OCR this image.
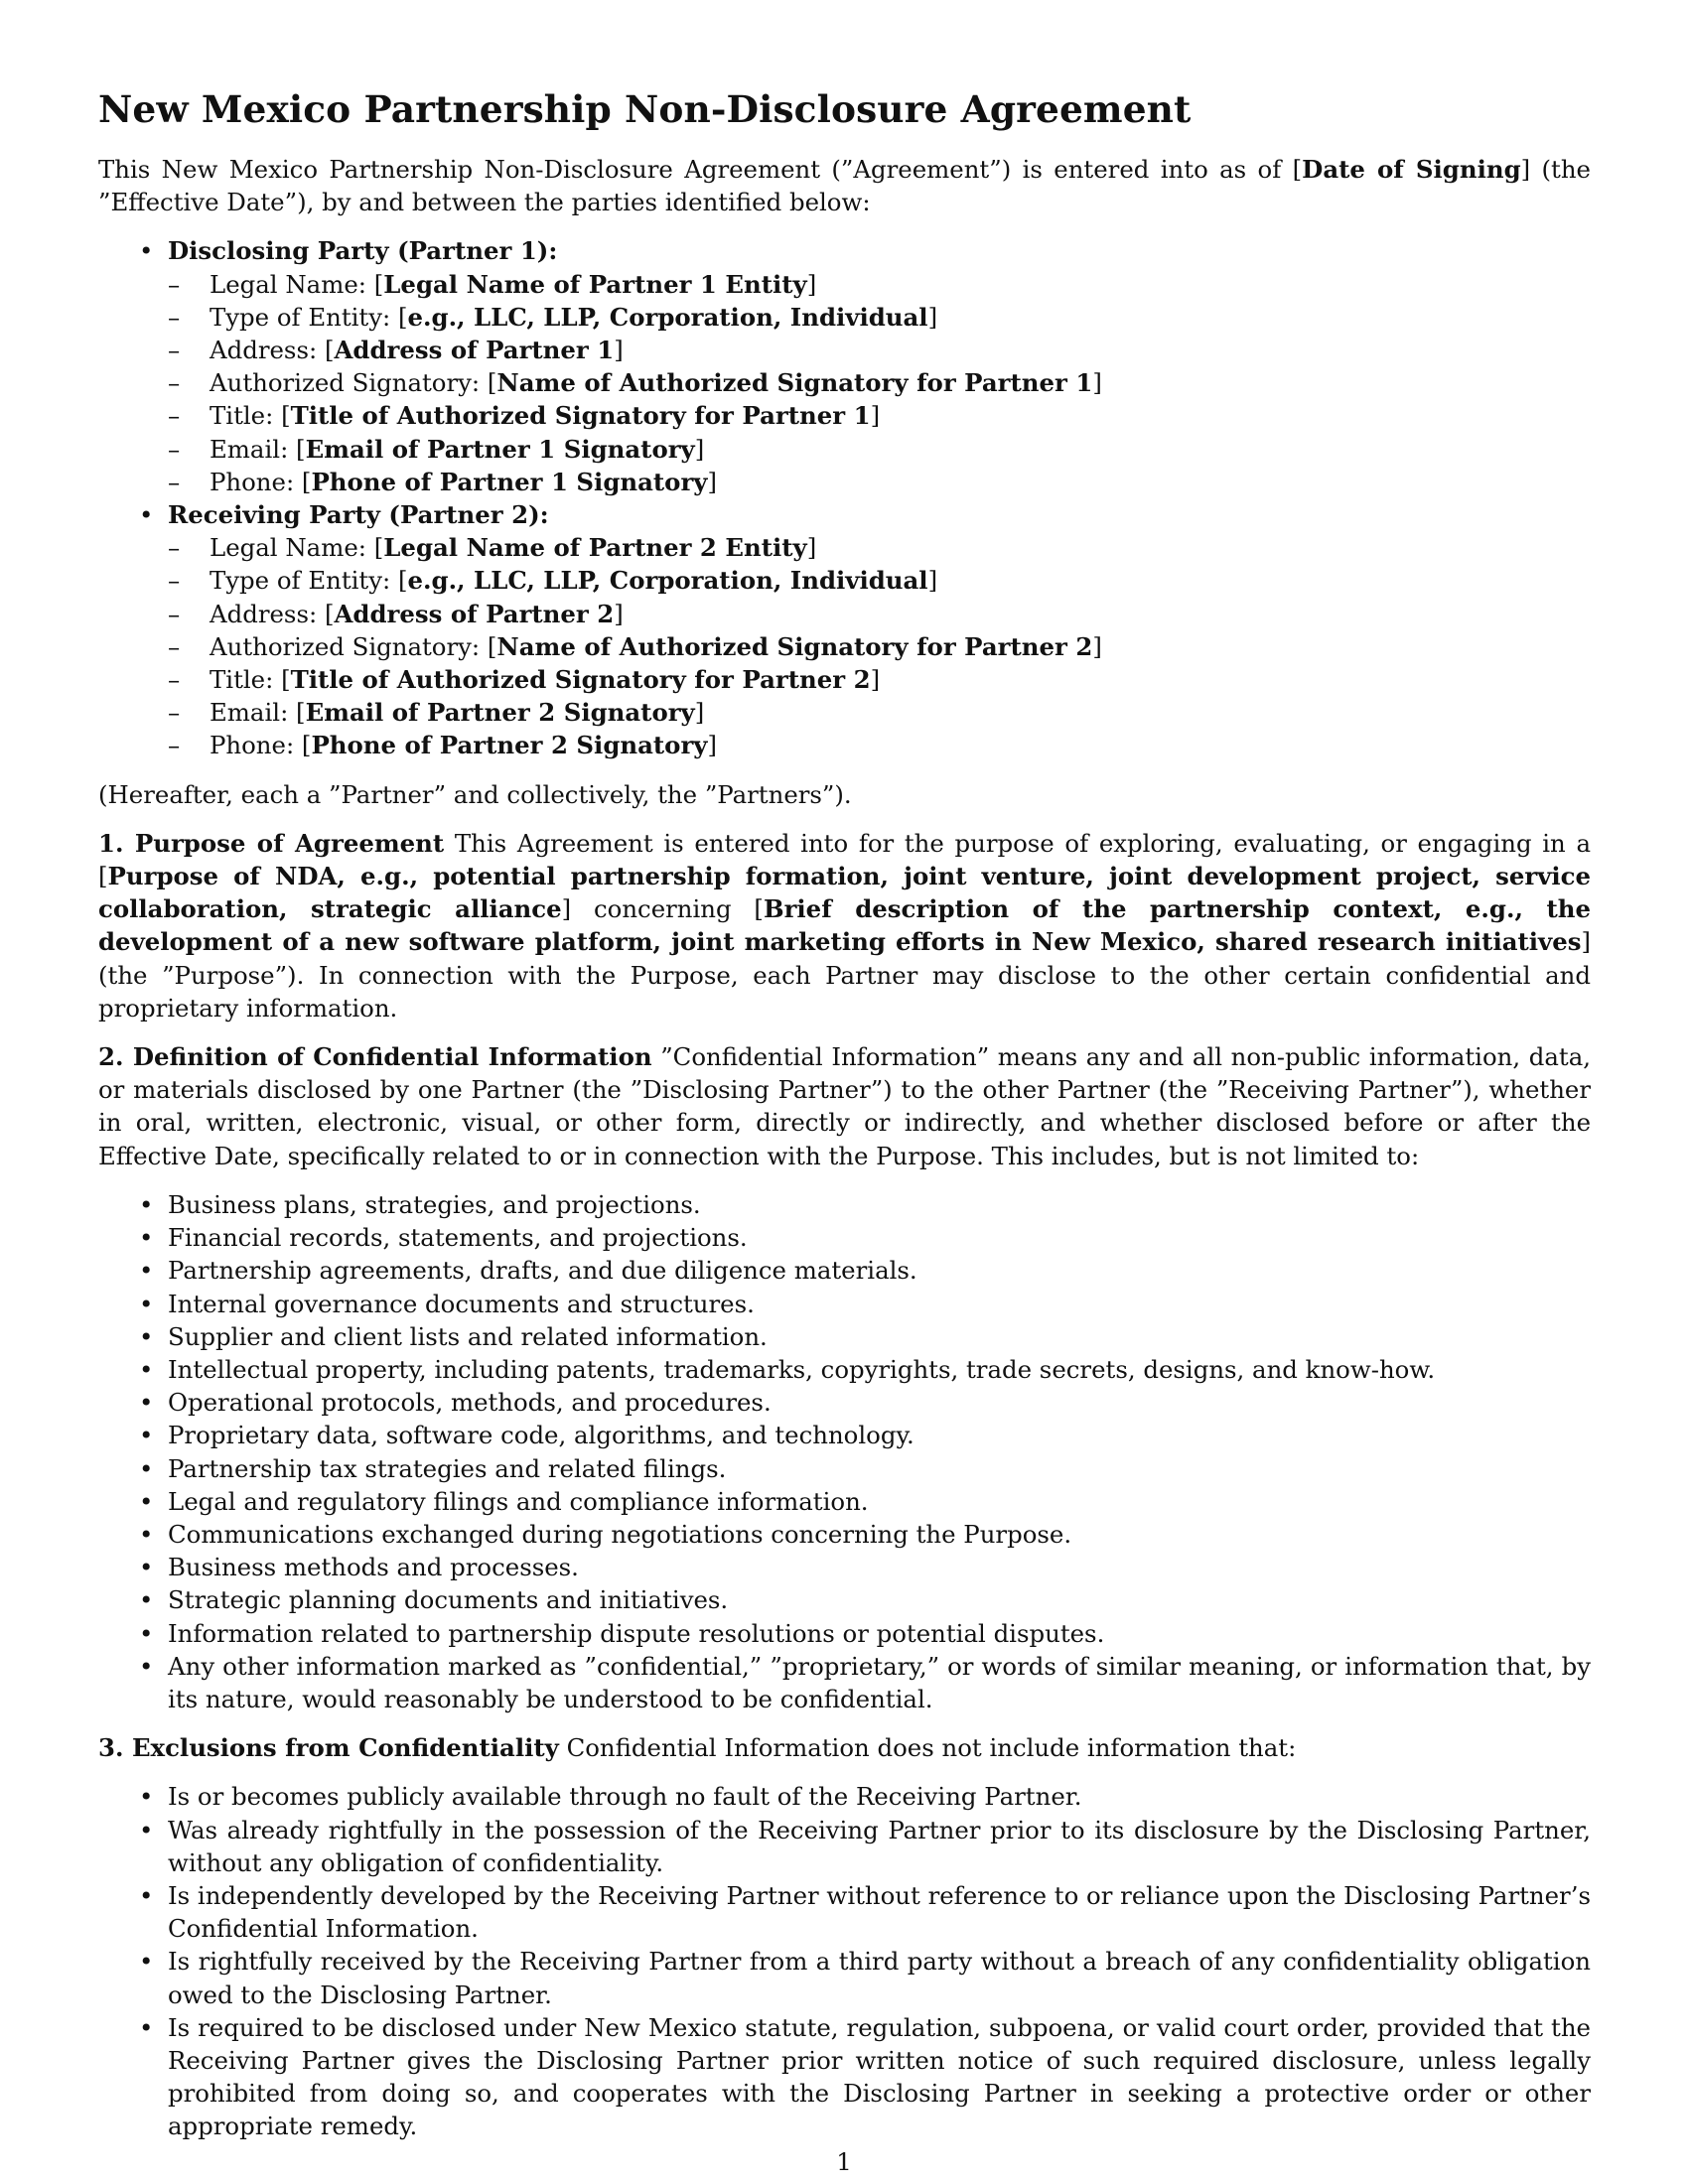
New Mexico Partnership Non-Disclosure Agreement

This New Mexico Partnership Non-Disclosure Agreement (”Agreement”) is entered into as of [Date of Signing] (the ”Effective Date”), by and between the parties identified below:

• Disclosing Party (Partner 1):
– Legal Name: [Legal Name of Partner 1 Entity]
– Type of Entity: [e.g., LLC, LLP, Corporation, Individual]
– Address: [Address of Partner 1]
– Authorized Signatory: [Name of Authorized Signatory for Partner 1]
– Title: [Title of Authorized Signatory for Partner 1]
– Email: [Email of Partner 1 Signatory]
– Phone: [Phone of Partner 1 Signatory]
• Receiving Party (Partner 2):
– Legal Name: [Legal Name of Partner 2 Entity]
– Type of Entity: [e.g., LLC, LLP, Corporation, Individual]
– Address: [Address of Partner 2]
– Authorized Signatory: [Name of Authorized Signatory for Partner 2]
– Title: [Title of Authorized Signatory for Partner 2]
– Email: [Email of Partner 2 Signatory]
– Phone: [Phone of Partner 2 Signatory]

(Hereafter, each a ”Partner” and collectively, the ”Partners”).

1. Purpose of Agreement This Agreement is entered into for the purpose of exploring, evaluating, or engaging in a [Purpose of NDA, e.g., potential partnership formation, joint venture, joint development project, service collaboration, strategic alliance] concerning [Brief description of the partnership context, e.g., the development of a new software platform, joint marketing efforts in New Mexico, shared research initiatives] (the ”Purpose”). In connection with the Purpose, each Partner may disclose to the other certain confidential and proprietary information.

2. Definition of Confidential Information ”Confidential Information” means any and all non-public information, data, or materials disclosed by one Partner (the ”Disclosing Partner”) to the other Partner (the ”Receiving Partner”), whether in oral, written, electronic, visual, or other form, directly or indirectly, and whether disclosed before or after the Effective Date, specifically related to or in connection with the Purpose. This includes, but is not limited to:

• Business plans, strategies, and projections.
• Financial records, statements, and projections.
• Partnership agreements, drafts, and due diligence materials.
• Internal governance documents and structures.
• Supplier and client lists and related information.
• Intellectual property, including patents, trademarks, copyrights, trade secrets, designs, and know-how.
• Operational protocols, methods, and procedures.
• Proprietary data, software code, algorithms, and technology.
• Partnership tax strategies and related filings.
• Legal and regulatory filings and compliance information.
• Communications exchanged during negotiations concerning the Purpose.
• Business methods and processes.
• Strategic planning documents and initiatives.
• Information related to partnership dispute resolutions or potential disputes.
• Any other information marked as ”confidential,” ”proprietary,” or words of similar meaning, or information that, by its nature, would reasonably be understood to be confidential.

3. Exclusions from Confidentiality Confidential Information does not include information that:

• Is or becomes publicly available through no fault of the Receiving Partner.
• Was already rightfully in the possession of the Receiving Partner prior to its disclosure by the Disclosing Partner, without any obligation of confidentiality.
• Is independently developed by the Receiving Partner without reference to or reliance upon the Disclosing Partner’s Confidential Information.
• Is rightfully received by the Receiving Partner from a third party without a breach of any confidentiality obligation owed to the Disclosing Partner.
• Is required to be disclosed under New Mexico statute, regulation, subpoena, or valid court order, provided that the Receiving Partner gives the Disclosing Partner prior written notice of such required disclosure, unless legally prohibited from doing so, and cooperates with the Disclosing Partner in seeking a protective order or other appropriate remedy.
1
